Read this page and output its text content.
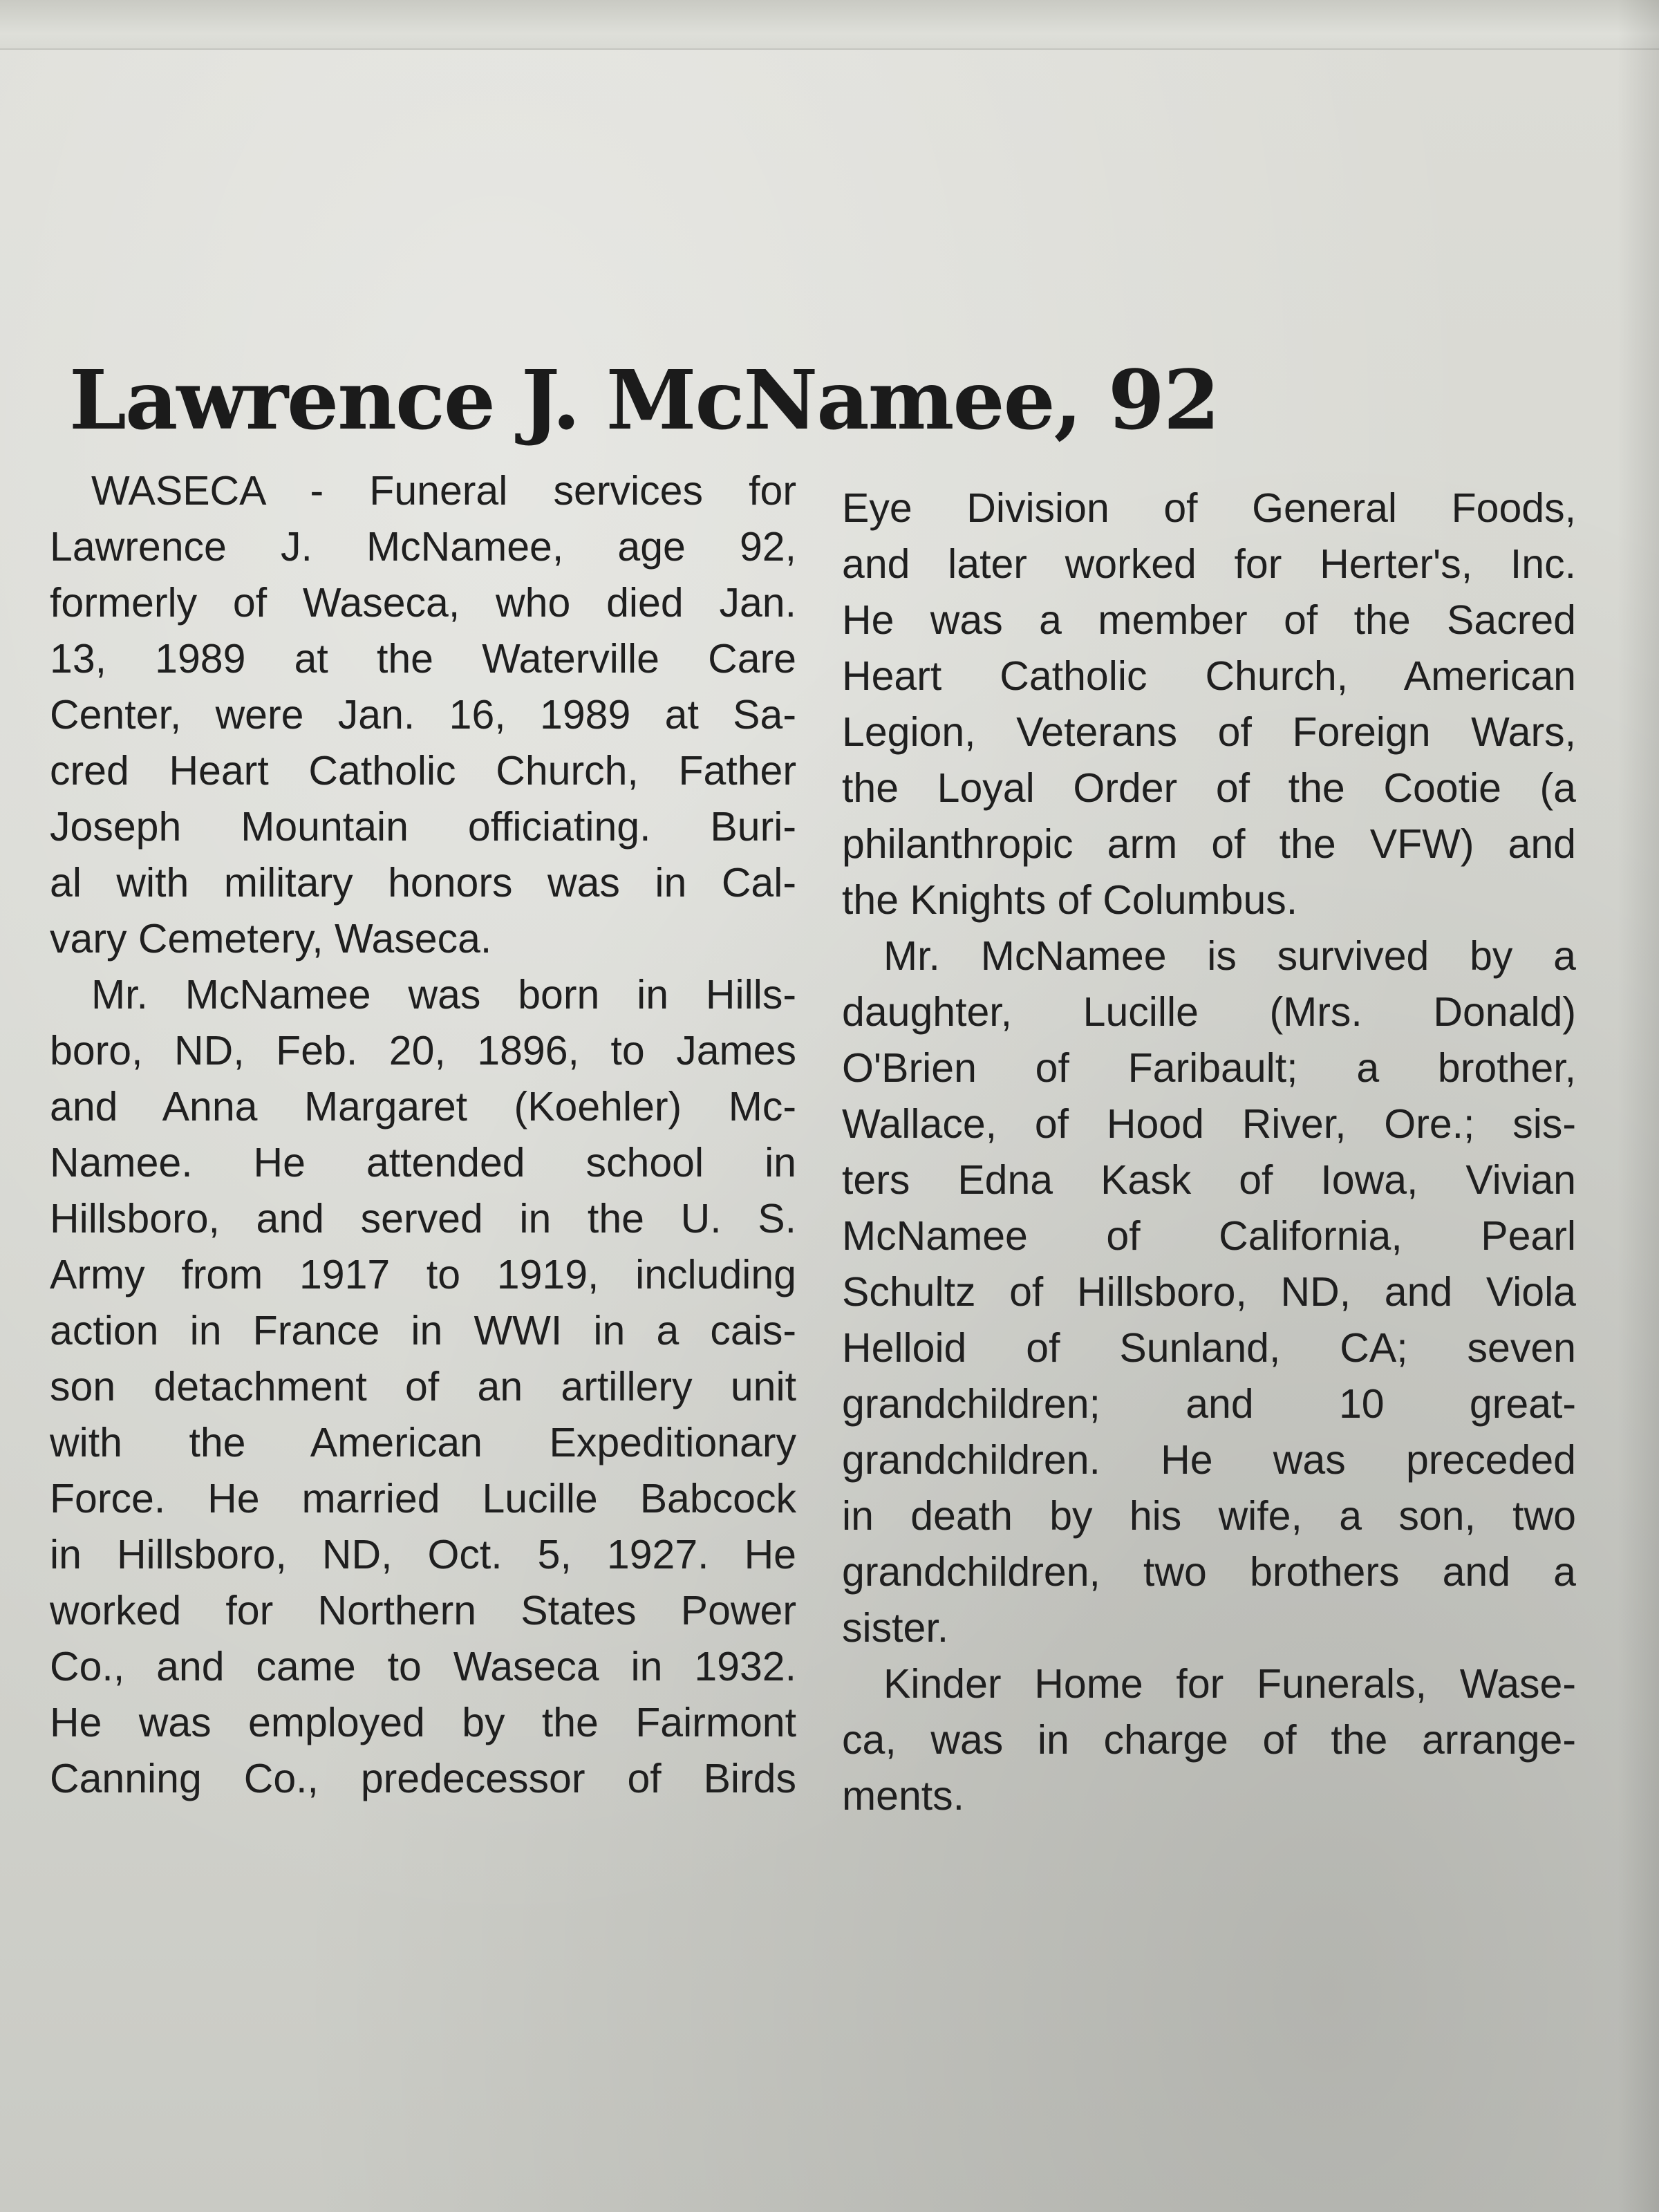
Lawrence J. McNamee, 92
WASECA - Funeral services for
Lawrence J. McNamee, age 92,
formerly of Waseca, who died Jan.
13, 1989 at the Waterville Care
Center, were Jan. 16, 1989 at Sa-
cred Heart Catholic Church, Father
Joseph Mountain officiating. Buri-
al with military honors was in Cal-
vary Cemetery, Waseca.
Mr. McNamee was born in Hills-
boro, ND, Feb. 20, 1896, to James
and Anna Margaret (Koehler) Mc-
Namee. He attended school in
Hillsboro, and served in the U. S.
Army from 1917 to 1919, including
action in France in WWI in a cais-
son detachment of an artillery unit
with the American Expeditionary
Force. He married Lucille Babcock
in Hillsboro, ND, Oct. 5, 1927. He
worked for Northern States Power
Co., and came to Waseca in 1932.
He was employed by the Fairmont
Canning Co., predecessor of Birds
Eye Division of General Foods,
and later worked for Herter's, Inc.
He was a member of the Sacred
Heart Catholic Church, American
Legion, Veterans of Foreign Wars,
the Loyal Order of the Cootie (a
philanthropic arm of the VFW) and
the Knights of Columbus.
Mr. McNamee is survived by a
daughter, Lucille (Mrs. Donald)
O'Brien of Faribault; a brother,
Wallace, of Hood River, Ore.; sis-
ters Edna Kask of Iowa, Vivian
McNamee of California, Pearl
Schultz of Hillsboro, ND, and Viola
Helloid of Sunland, CA; seven
grandchildren; and 10 great-
grandchildren. He was preceded
in death by his wife, a son, two
grandchildren, two brothers and a
sister.
Kinder Home for Funerals, Wase-
ca, was in charge of the arrange-
ments.
